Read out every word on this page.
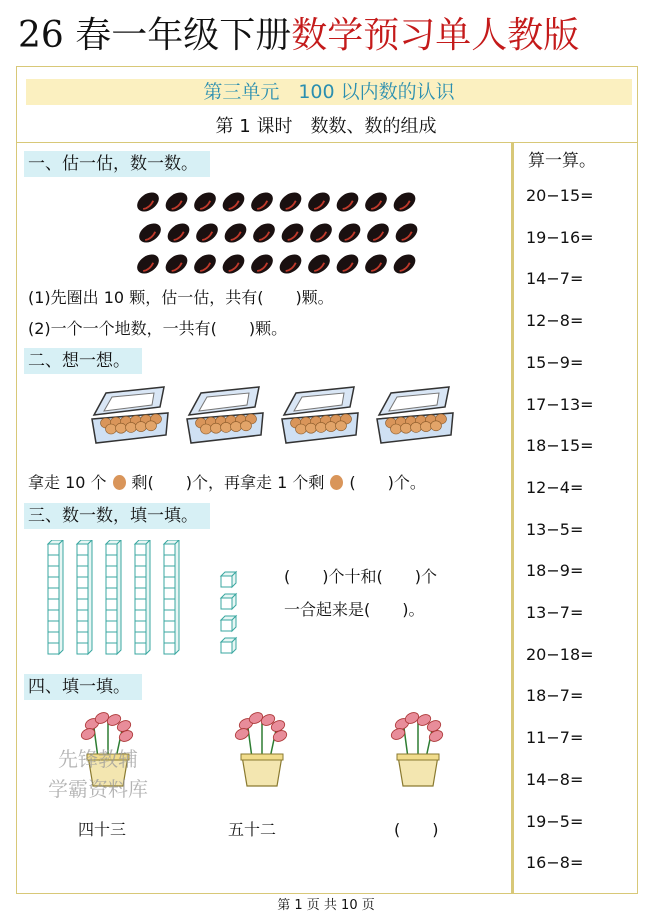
26 春一年级下册数学预习单人教版
第三单元　100 以内数的认识
第 1 课时　数数、数的组成
一、估一估，数一数。
(1)先圈出 10 颗，估一估，共有(　　)颗。
(2)一个一个地数，一共有(　　)颗。
二、想一想。
拿走 10 个 剩(　　)个，再拿走 1 个剩 (　　)个。
三、数一数，填一填。
(　　)个十和(　　)个
一合起来是(　　)。
四、填一填。
四十三	五十二	(　　)
先锋教辅
学霸资料库
算一算。
20−15=
19−16=
14−7=
12−8=
15−9=
17−13=
18−15=
12−4=
13−5=
18−9=
13−7=
20−18=
18−7=
11−7=
14−8=
19−5=
16−8=
第 1 页 共 10 页
